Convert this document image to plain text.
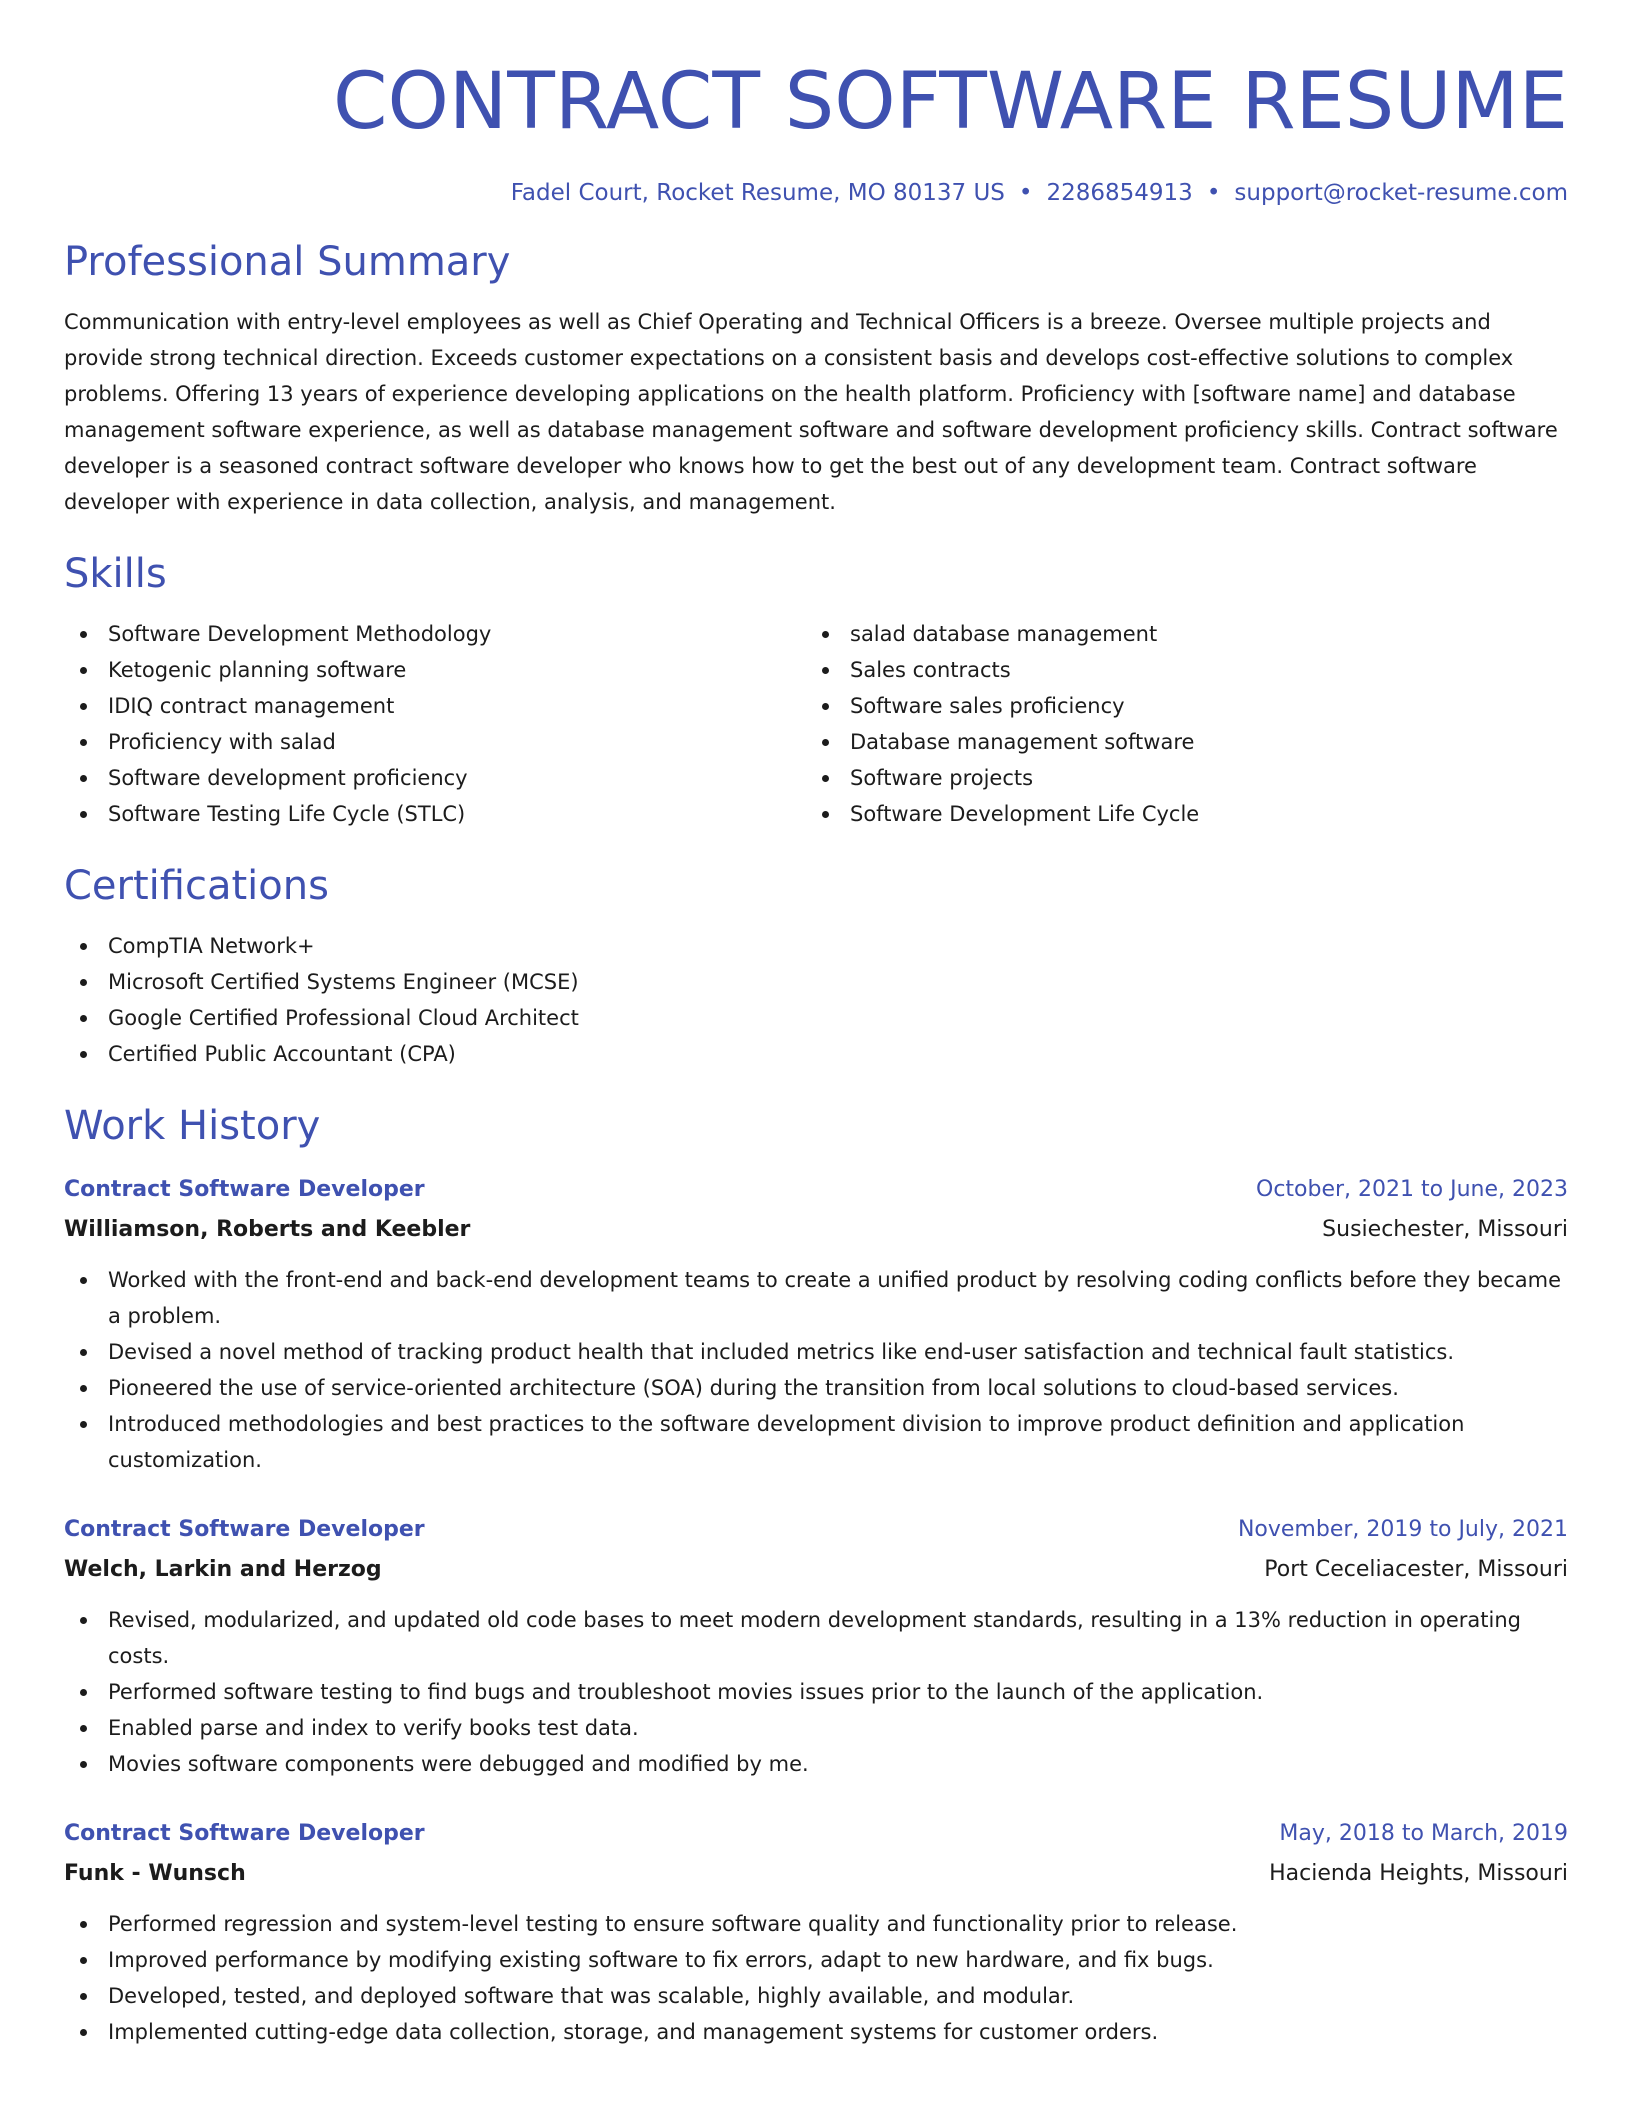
CONTRACT SOFTWARE RESUME
Fadel Court, Rocket Resume, MO 80137 US • 2286854913 • support@rocket-resume.com
Professional Summary

Communication with entry-level employees as well as Chief Operating and Technical Officers is a breeze. Oversee multiple projects and provide strong technical direction. Exceeds customer expectations on a consistent basis and develops cost-effective solutions to complex problems. Offering 13 years of experience developing applications on the health platform. Proficiency with [software name] and database management software experience, as well as database management software and software development proficiency skills. Contract software developer is a seasoned contract software developer who knows how to get the best out of any development team. Contract software developer with experience in data collection, analysis, and management.

Skills
Software Development Methodology
Ketogenic planning software
IDIQ contract management
Proficiency with salad
Software development proficiency
Software Testing Life Cycle (STLC)
salad database management
Sales contracts
Software sales proficiency
Database management software
Software projects
Software Development Life Cycle
Certifications
CompTIA Network+
Microsoft Certified Systems Engineer (MCSE)
Google Certified Professional Cloud Architect
Certified Public Accountant (CPA)
Work History
Contract Software Developer	October, 2021 to June, 2023
Williamson, Roberts and Keebler	Susiechester, Missouri
Worked with the front-end and back-end development teams to create a unified product by resolving coding conflicts before they became a problem.
Devised a novel method of tracking product health that included metrics like end-user satisfaction and technical fault statistics.
Pioneered the use of service-oriented architecture (SOA) during the transition from local solutions to cloud-based services.
Introduced methodologies and best practices to the software development division to improve product definition and application customization.
Contract Software Developer	November, 2019 to July, 2021
Welch, Larkin and Herzog	Port Ceceliacester, Missouri
Revised, modularized, and updated old code bases to meet modern development standards, resulting in a 13% reduction in operating costs.
Performed software testing to find bugs and troubleshoot movies issues prior to the launch of the application.
Enabled parse and index to verify books test data.
Movies software components were debugged and modified by me.
Contract Software Developer	May, 2018 to March, 2019
Funk - Wunsch	Hacienda Heights, Missouri
Performed regression and system-level testing to ensure software quality and functionality prior to release.
Improved performance by modifying existing software to fix errors, adapt to new hardware, and fix bugs.
Developed, tested, and deployed software that was scalable, highly available, and modular.
Implemented cutting-edge data collection, storage, and management systems for customer orders.
